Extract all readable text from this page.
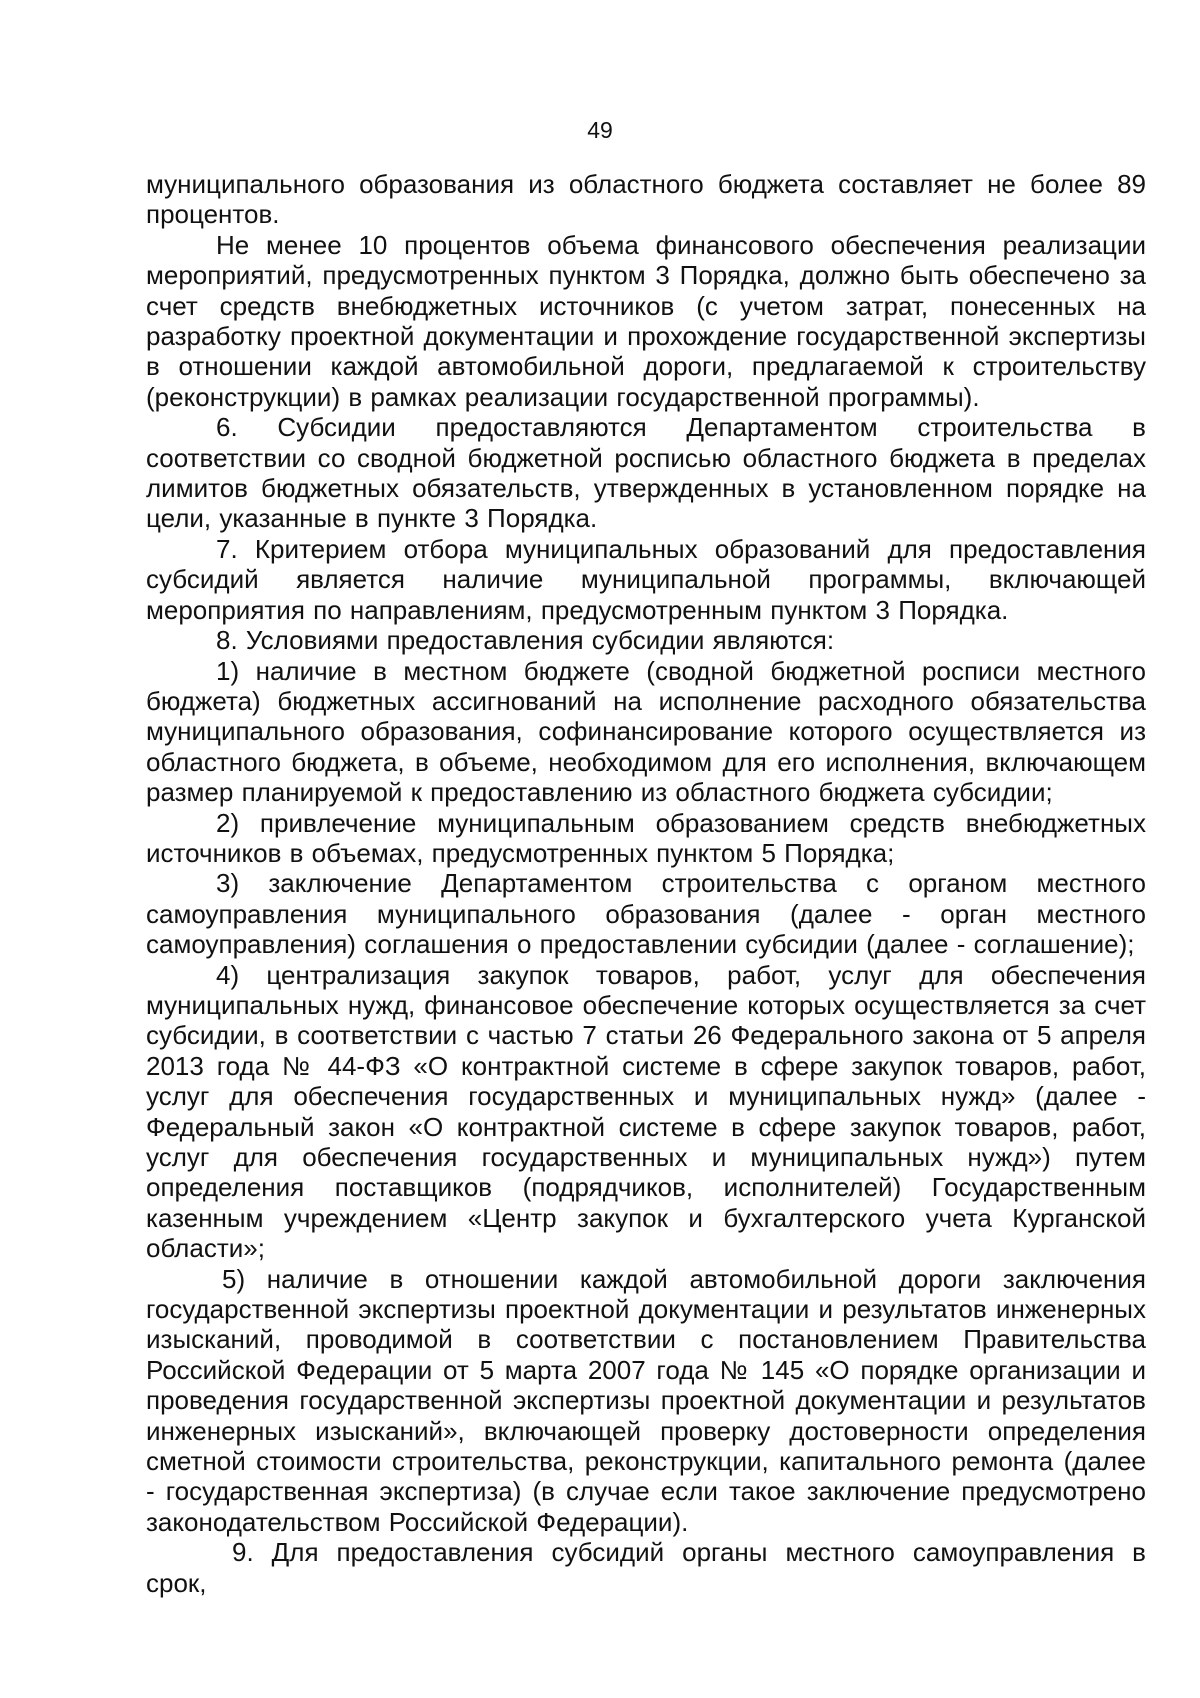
49

муниципального образования из областного бюджета составляет не более 89 процентов.

Не менее 10 процентов объема финансового обеспечения реализации мероприятий, предусмотренных пунктом 3 Порядка, должно быть обеспечено за счет средств внебюджетных источников (с учетом затрат, понесенных на разработку проектной документации и прохождение государственной экспертизы в отношении каждой автомобильной дороги, предлагаемой к строительству (реконструкции) в рамках реализации государственной программы).

6. Субсидии предоставляются Департаментом строительства в соответствии со сводной бюджетной росписью областного бюджета в пределах лимитов бюджетных обязательств, утвержденных в установленном порядке на цели, указанные в пункте 3 Порядка.

7. Критерием отбора муниципальных образований для предоставления субсидий является наличие муниципальной программы, включающей мероприятия по направлениям, предусмотренным пунктом 3 Порядка.

8. Условиями предоставления субсидии являются:

1) наличие в местном бюджете (сводной бюджетной росписи местного бюджета) бюджетных ассигнований на исполнение расходного обязательства муниципального образования, софинансирование которого осуществляется из областного бюджета, в объеме, необходимом для его исполнения, включающем размер планируемой к предоставлению из областного бюджета субсидии;

2) привлечение муниципальным образованием средств внебюджетных источников в объемах, предусмотренных пунктом 5 Порядка;

3) заключение Департаментом строительства с органом местного самоуправления муниципального образования (далее - орган местного самоуправления) соглашения о предоставлении субсидии (далее - соглашение);

4) централизация закупок товаров, работ, услуг для обеспечения муниципальных нужд, финансовое обеспечение которых осуществляется за счет субсидии, в соответствии с частью 7 статьи 26 Федерального закона от 5 апреля 2013 года № 44-ФЗ «О контрактной системе в сфере закупок товаров, работ, услуг для обеспечения государственных и муниципальных нужд» (далее - Федеральный закон «О контрактной системе в сфере закупок товаров, работ, услуг для обеспечения государственных и муниципальных нужд») путем определения поставщиков (подрядчиков, исполнителей) Государственным казенным учреждением «Центр закупок и бухгалтерского учета Курганской области»;

5) наличие в отношении каждой автомобильной дороги заключения государственной экспертизы проектной документации и результатов инженерных изысканий, проводимой в соответствии с постановлением Правительства Российской Федерации от 5 марта 2007 года № 145 «О порядке организации и проведения государственной экспертизы проектной документации и результатов инженерных изысканий», включающей проверку достоверности определения сметной стоимости строительства, реконструкции, капитального ремонта (далее - государственная экспертиза) (в случае если такое заключение предусмотрено законодательством Российской Федерации).

9. Для предоставления субсидий органы местного самоуправления в срок,
